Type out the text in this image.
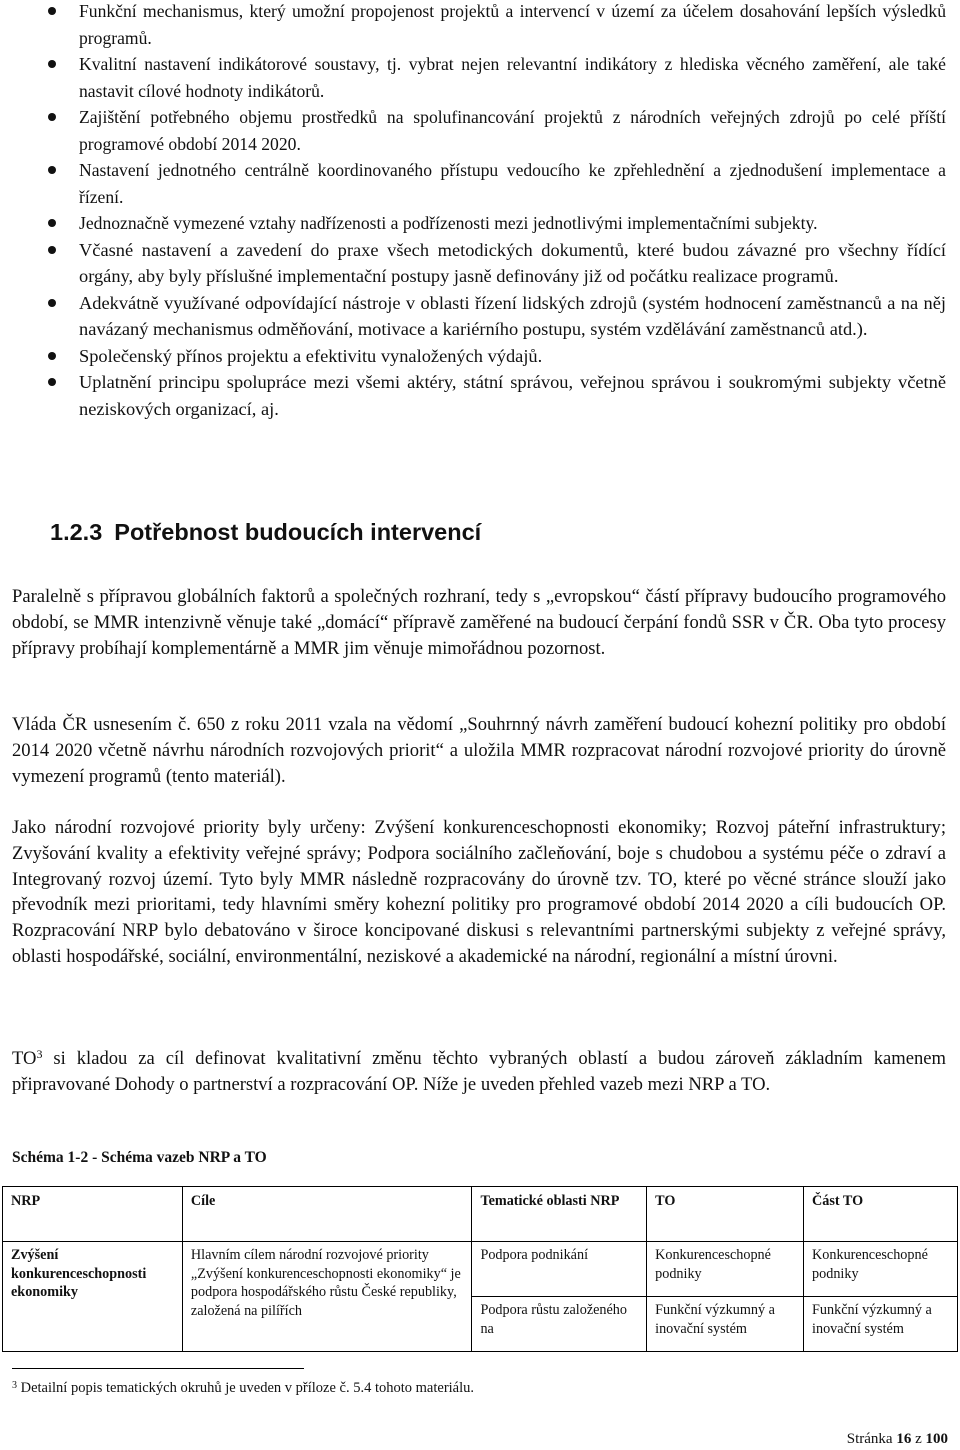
Funkční mechanismus, který umožní propojenost projektů a intervencí v území za účelem dosahování lepších výsledků programů.
Kvalitní nastavení indikátorové soustavy, tj. vybrat nejen relevantní indikátory z hlediska věcného zaměření, ale také nastavit cílové hodnoty indikátorů.
Zajištění potřebného objemu prostředků na spolufinancování projektů z národních veřejných zdrojů po celé příští programové období 2014 2020.
Nastavení jednotného centrálně koordinovaného přístupu vedoucího ke zpřehlednění a zjednodušení implementace a řízení.
Jednoznačně vymezené vztahy nadřízenosti a podřízenosti mezi jednotlivými implementačními subjekty.
Včasné nastavení a zavedení do praxe všech metodických dokumentů, které budou závazné pro všechny řídící orgány, aby byly příslušné implementační postupy jasně definovány již od počátku realizace programů.
Adekvátně využívané odpovídající nástroje v oblasti řízení lidských zdrojů (systém hodnocení zaměstnanců a na něj navázaný mechanismus odměňování, motivace a kariérního postupu, systém vzdělávání zaměstnanců atd.).
Společenský přínos projektu a efektivitu vynaložených výdajů.
Uplatnění principu spolupráce mezi všemi aktéry, státní správou, veřejnou správou i soukromými subjekty včetně neziskových organizací, aj.
1.2.3 Potřebnost budoucích intervencí

Paralelně s přípravou globálních faktorů a společných rozhraní, tedy s „evropskou“ částí přípravy budoucího programového období, se MMR intenzivně věnuje také „domácí“ přípravě zaměřené na budoucí čerpání fondů SSR v ČR. Oba tyto procesy přípravy probíhají komplementárně a MMR jim věnuje mimořádnou pozornost.

Vláda ČR usnesením č. 650 z roku 2011 vzala na vědomí „Souhrnný návrh zaměření budoucí kohezní politiky pro období 2014 2020 včetně návrhu národních rozvojových priorit“ a uložila MMR rozpracovat národní rozvojové priority do úrovně vymezení programů (tento materiál).

Jako národní rozvojové priority byly určeny: Zvýšení konkurenceschopnosti ekonomiky; Rozvoj páteřní infrastruktury; Zvyšování kvality a efektivity veřejné správy; Podpora sociálního začleňování, boje s chudobou a systému péče o zdraví a Integrovaný rozvoj území. Tyto byly MMR následně rozpracovány do úrovně tzv. TO, které po věcné stránce slouží jako převodník mezi prioritami, tedy hlavními směry kohezní politiky pro programové období 2014 2020 a cíli budoucích OP. Rozpracování NRP bylo debatováno v široce koncipované diskusi s relevantními partnerskými subjekty z veřejné správy, oblasti hospodářské, sociální, environmentální, neziskové a akademické na národní, regionální a místní úrovni.

$TO^3$ si kladou za cíl definovat kvalitativní změnu těchto vybraných oblastí a budou zároveň základním kamenem připravované Dohody o partnerství a rozpracování OP. Níže je uveden přehled vazeb mezi NRP a TO.

Schéma 1-2 - Schéma vazeb NRP a TO

NRP	Cíle	Tematické oblasti NRP	TO	Část TO
Zvýšení konkurenceschopnosti ekonomiky	Hlavním cílem národní rozvojové priority „Zvýšení konkurenceschopnosti ekonomiky“ je podpora hospodářského růstu České republiky, založená na pilířích	Podpora podnikání	Konkurenceschopné podniky	Konkurenceschopné podniky
		Podpora růstu založeného na	Funkční výzkumný a inovační systém	Funkční výzkumný a inovační systém

$^3$ Detailní popis tematických okruhů je uveden v příloze č. 5.4 tohoto materiálu.

Stránka 16 z 100
